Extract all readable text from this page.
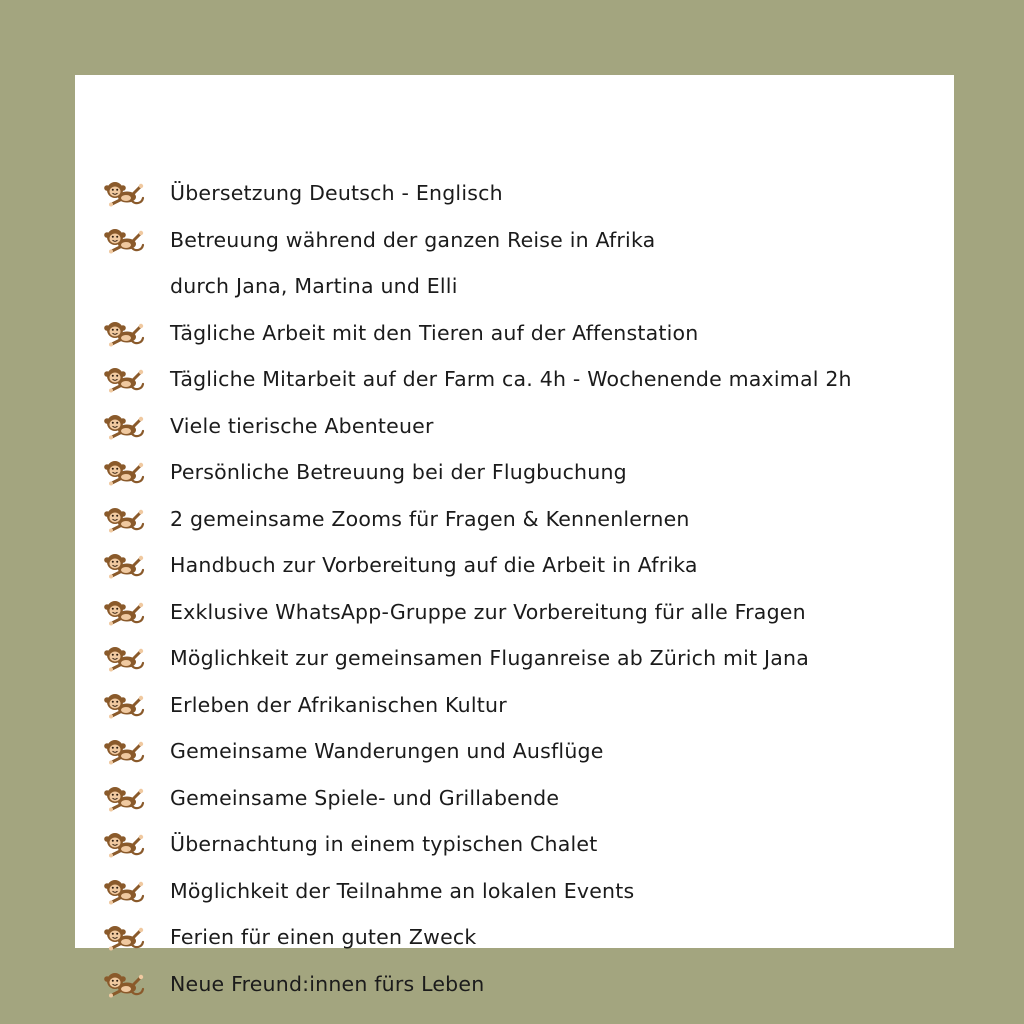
Übersetzung Deutsch - Englisch
Betreuung während der ganzen Reise in Afrika
durch Jana, Martina und Elli
Tägliche Arbeit mit den Tieren auf der Affenstation
Tägliche Mitarbeit auf der Farm ca. 4h - Wochenende maximal 2h
Viele tierische Abenteuer
Persönliche Betreuung bei der Flugbuchung
2 gemeinsame Zooms für Fragen & Kennenlernen
Handbuch zur Vorbereitung auf die Arbeit in Afrika
Exklusive WhatsApp-Gruppe zur Vorbereitung für alle Fragen
Möglichkeit zur gemeinsamen Fluganreise ab Zürich mit Jana
Erleben der Afrikanischen Kultur
Gemeinsame Wanderungen und Ausflüge
Gemeinsame Spiele- und Grillabende
Übernachtung in einem typischen Chalet
Möglichkeit der Teilnahme an lokalen Events
Ferien für einen guten Zweck
Neue Freund:innen fürs Leben
